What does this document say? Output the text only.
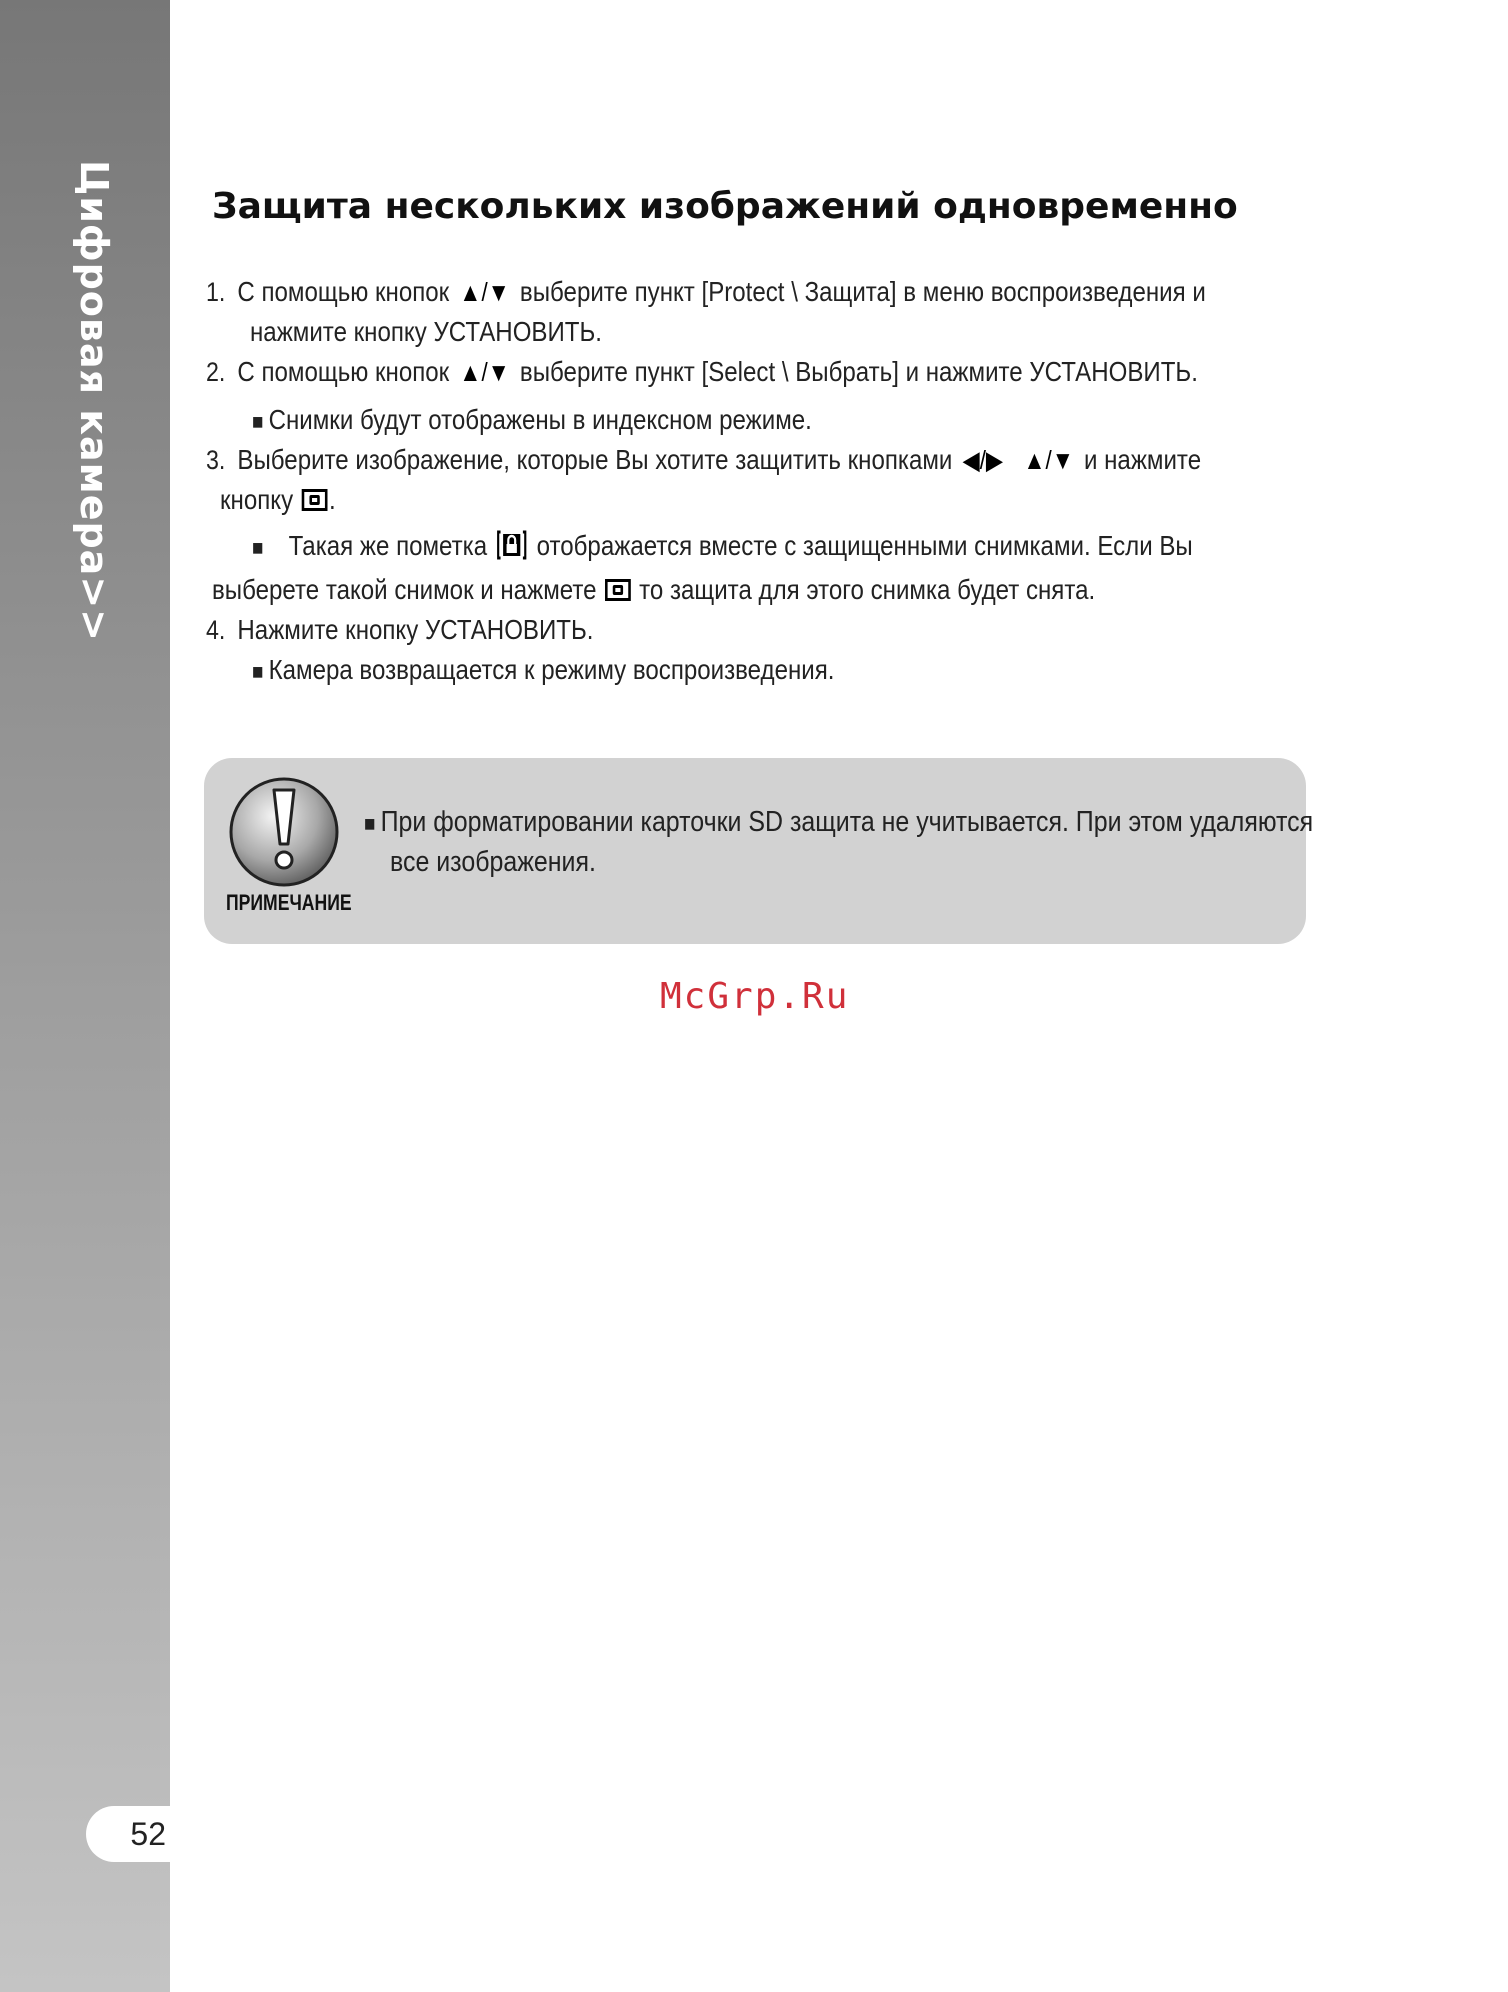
Цифровая камера>>
52
Защита нескольких изображений одновременно
1. С помощью кнопок ▲/▼ выберите пункт [Protect \ Защита] в меню воспроизведения и
нажмите кнопку УСТАНОВИТЬ.
2. С помощью кнопок ▲/▼ выберите пункт [Select \ Выбрать] и нажмите УСТАНОВИТЬ.
■ Снимки будут отображены в индексном режиме.
3. Выберите изображение, которые Вы хотите защитить кнопками ◀/▶ ▲/▼ и нажмите
кнопку .
■ Такая же пометка  отображается вместе с защищенными снимками. Если Вы
выберете такой снимок и нажмете  то защита для этого снимка будет снята.
4. Нажмите кнопку УСТАНОВИТЬ.
■ Камера возвращается к режиму воспроизведения.
ПРИМЕЧАНИЕ
■ При форматировании карточки SD защита не учитывается. При этом удаляются
все изображения.
McGrp.Ru
